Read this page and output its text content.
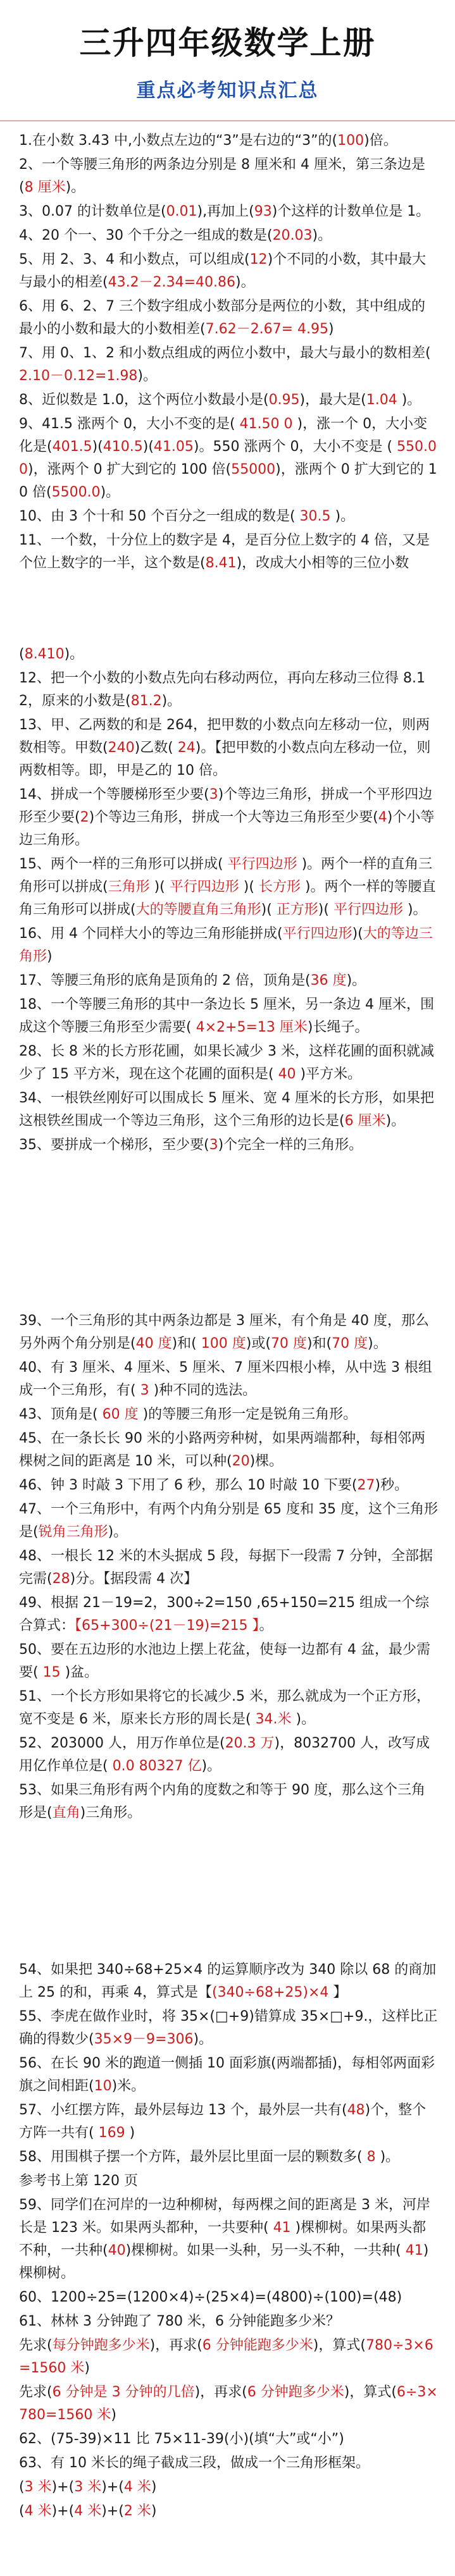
三升四年级数学上册
重点必考知识点汇总
1.在小数 3.43 中,小数点左边的“3”是右边的“3”的(100)倍。
2、一个等腰三角形的两条边分别是 8 厘米和 4 厘米，第三条边是(8 厘米)。
3、0.07 的计数单位是(0.01),再加上(93)个这样的计数单位是 1。
4、20 个一、30 个千分之一组成的数是(20.03)。
5、用 2、3、4 和小数点，可以组成(12)个不同的小数，其中最大与最小的相差(43.2－2.34=40.86)。
6、用 6、2、7 三个数字组成小数部分是两位的小数，其中组成的最小的小数和最大的小数相差(7.62－2.67= 4.95)
7、用 0、1、2 和小数点组成的两位小数中，最大与最小的数相差( 2.10－0.12=1.98)。
8、近似数是 1.0，这个两位小数最小是(0.95)，最大是(1.04 )。
9、41.5 涨两个 0，大小不变的是( 41.50 0 )，涨一个 0，大小变化是(401.5)(410.5)(41.05)。550 涨两个 0，大小不变是 ( 550.00)，涨两个 0 扩大到它的 100 倍(55000)，涨两个 0 扩大到它的 10 倍(5500.0)。
10、由 3 个十和 50 个百分之一组成的数是( 30.5 )。
11、一个数，十分位上的数字是 4，是百分位上数字的 4 倍，又是个位上数字的一半，这个数是(8.41)，改成大小相等的三位小数
(8.410)。
12、把一个小数的小数点先向右移动两位，再向左移动三位得 8.12，原来的小数是(81.2)。
13、甲、乙两数的和是 264，把甲数的小数点向左移动一位，则两数相等。甲数(240)乙数( 24)。【把甲数的小数点向左移动一位，则两数相等。即，甲是乙的 10 倍。
14、拼成一个等腰梯形至少要(3)个等边三角形，拼成一个平形四边形至少要(2)个等边三角形，拼成一个大等边三角形至少要(4)个小等边三角形。
15、两个一样的三角形可以拼成( 平行四边形 )。两个一样的直角三角形可以拼成(三角形 )( 平行四边形 )( 长方形 )。两个一样的等腰直角三角形可以拼成(大的等腰直角三角形)( 正方形)( 平行四边形 )。
16、用 4 个同样大小的等边三角形能拼成(平行四边形)(大的等边三角形)
17、等腰三角形的底角是顶角的 2 倍，顶角是(36 度)。
18、一个等腰三角形的其中一条边长 5 厘米，另一条边 4 厘米，围成这个等腰三角形至少需要( 4×2+5=13 厘米)长绳子。
28、长 8 米的长方形花圃，如果长减少 3 米，这样花圃的面积就减少了 15 平方米，现在这个花圃的面积是( 40 )平方米。
34、一根铁丝刚好可以围成长 5 厘米、宽 4 厘米的长方形，如果把这根铁丝围成一个等边三角形，这个三角形的边长是(6 厘米)。
35、要拼成一个梯形，至少要(3)个完全一样的三角形。
39、一个三角形的其中两条边都是 3 厘米，有个角是 40 度，那么另外两个角分别是(40 度)和( 100 度)或(70 度)和(70 度)。
40、有 3 厘米、4 厘米、5 厘米、7 厘米四根小棒，从中选 3 根组成一个三角形，有( 3 )种不同的选法。
43、顶角是( 60 度 )的等腰三角形一定是锐角三角形。
45、在一条长长 90 米的小路两旁种树，如果两端都种，每相邻两棵树之间的距离是 10 米，可以种(20)棵。
46、钟 3 时敲 3 下用了 6 秒，那么 10 时敲 10 下要(27)秒。
47、一个三角形中，有两个内角分别是 65 度和 35 度，这个三角形是(锐角三角形)。
48、一根长 12 米的木头据成 5 段，每据下一段需 7 分钟，全部据完需(28)分。【据段需 4 次】
49、根据 21－19=2，300÷2=150 ,65+150=215 组成一个综合算式：【65+300÷(21－19)=215 】。
50、要在五边形的水池边上摆上花盆，使每一边都有 4 盆，最少需要( 15 )盆。
51、一个长方形如果将它的长减少.5 米，那么就成为一个正方形，宽不变是 6 米，原来长方形的周长是( 34.米 )。
52、203000 人，用万作单位是(20.3 万)，8032700 人，改写成用亿作单位是( 0.0 80327 亿)。
53、如果三角形有两个内角的度数之和等于 90 度，那么这个三角形是(直角)三角形。
54、如果把 340÷68+25×4 的运算顺序改为 340 除以 68 的商加上 25 的和，再乘 4，算式是【(340÷68+25)×4 】
55、李虎在做作业时，将 35×(□+9)错算成 35×□+9.，这样比正确的得数少(35×9－9=306)。
56、在长 90 米的跑道一侧插 10 面彩旗(两端都插)，每相邻两面彩旗之间相距(10)米。
57、小红摆方阵，最外层每边 13 个，最外层一共有(48)个，整个方阵一共有( 169 )
58、用围棋子摆一个方阵，最外层比里面一层的颗数多( 8 )。
参考书上第 120 页
59、同学们在河岸的一边种柳树，每两棵之间的距离是 3 米，河岸长是 123 米。如果两头都种，一共要种( 41 )棵柳树。如果两头都不种，一共种(40)棵柳树。如果一头种，另一头不种，一共种( 41)棵柳树。
60、1200÷25=(1200×4)÷(25×4)=(4800)÷(100)=(48)
61、林林 3 分钟跑了 780 米，6 分钟能跑多少米？
先求(每分钟跑多少米)，再求(6 分钟能跑多少米)，算式(780÷3×6=1560 米)
先求(6 分钟是 3 分钟的几倍)，再求(6 分钟跑多少米)，算式(6÷3×780=1560 米)
62、(75-39)×11 比 75×11-39(小)(填“大”或“小”)
63、有 10 米长的绳子截成三段，做成一个三角形框架。
(3 米)+(3 米)+(4 米)
(4 米)+(4 米)+(2 米)
